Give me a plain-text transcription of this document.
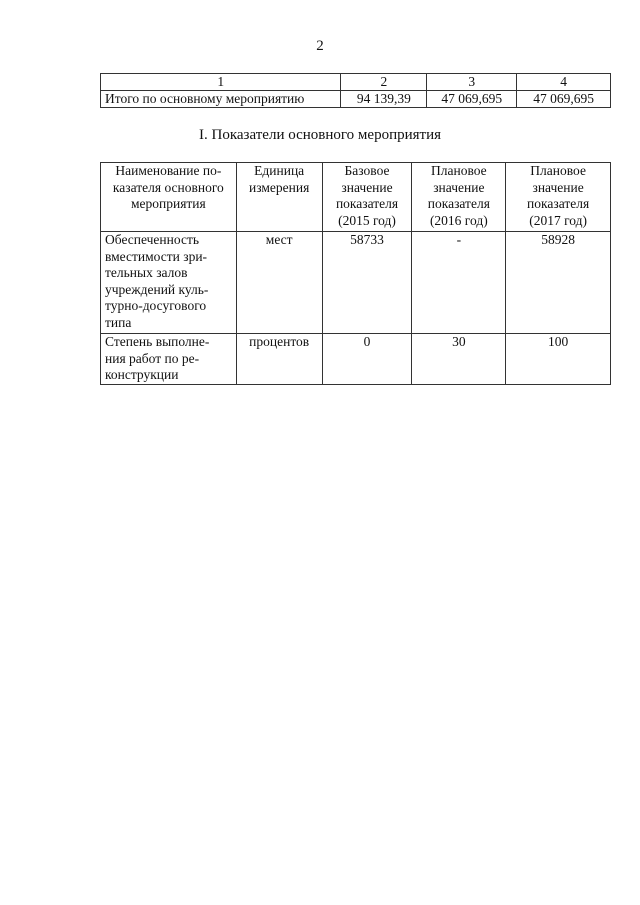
2
1	2	3	4
Итого по основному мероприятию	94 139,39	47 069,695	47 069,695
I. Показатели основного мероприятия
Наименование по- казателя основного мероприятия	Единица измерения	Базовое значение показателя (2015 год)	Плановое значение показателя (2016 год)	Плановое значение показателя (2017 год)
Обеспеченность вместимости зри- тельных залов учреждений куль- турно-досугового типа	мест	58733	-	58928
Степень выполне- ния работ по ре- конструкции	процентов	0	30	100
